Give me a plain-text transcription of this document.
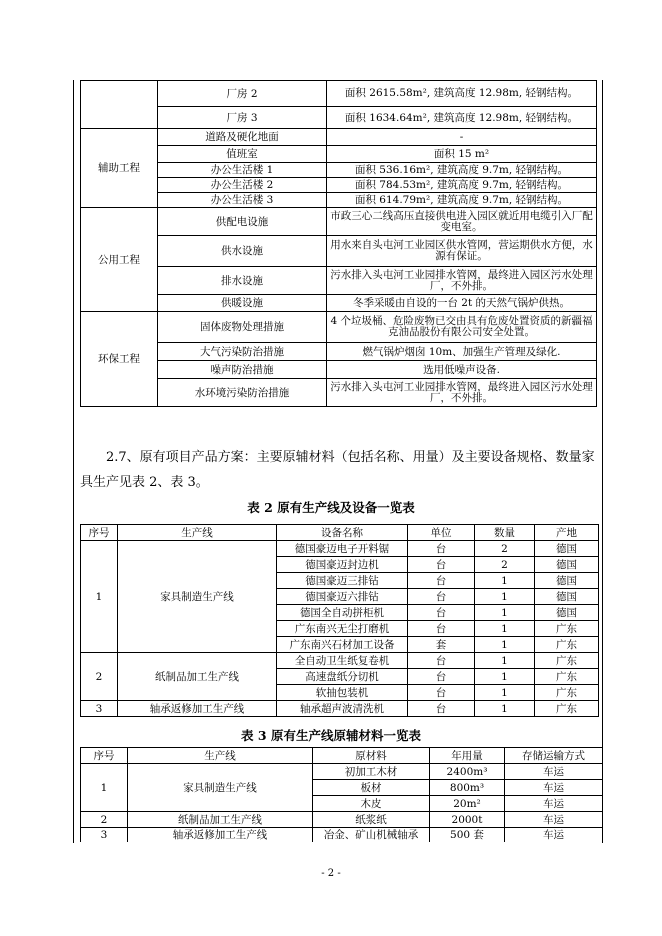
	厂房 2	面积 2615.58m², 建筑高度 12.98m, 轻钢结构。
	厂房 3	面积 1634.64m², 建筑高度 12.98m, 轻钢结构。
辅助工程	道路及硬化地面	-
	值班室	面积 15 m²
	办公生活楼 1	面积 536.16m², 建筑高度 9.7m, 轻钢结构。
	办公生活楼 2	面积 784.53m², 建筑高度 9.7m, 轻钢结构。
	办公生活楼 3	面积 614.79m², 建筑高度 9.7m, 轻钢结构。
公用工程	供配电设施	市政三心二线高压直接供电进入园区就近用电缆引入厂配变电室。
	供水设施	用水来自头屯河工业园区供水管网，营运期供水方便，水源有保证。
	排水设施	污水排入头屯河工业园排水管网，最终进入园区污水处理厂，不外排。
	供暖设施	冬季采暖由自设的一台 2t 的天然气锅炉供热。
环保工程	固体废物处理措施	4 个垃圾桶、危险废物已交由具有危废处置资质的新疆福克油品股份有限公司安全处置。
	大气污染防治措施	燃气锅炉烟囱 10m、加强生产管理及绿化.
	噪声防治措施	选用低噪声设备.
	水环境污染防治措施	污水排入头屯河工业园排水管网，最终进入园区污水处理厂，不外排。
2.7、原有项目产品方案：主要原辅材料（包括名称、用量）及主要设备规格、数量家具生产见表 2、表 3。
表 2 原有生产线及设备一览表
序号	生产线	设备名称	单位	数量	产地
1	家具制造生产线	德国豪迈电子开料锯	台	2	德国
		德国豪迈封边机	台	2	德国
		德国豪迈三排钻	台	1	德国
		德国豪迈六排钻	台	1	德国
		德国全自动拼柜机	台	1	德国
		广东南兴无尘打磨机	台	1	广东
		广东南兴石材加工设备	套	1	广东
2	纸制品加工生产线	全自动卫生纸复卷机	台	1	广东
		高速盘纸分切机	台	1	广东
		软抽包装机	台	1	广东
3	轴承返修加工生产线	轴承超声波清洗机	台	1	广东
表 3 原有生产线原辅材料一览表
序号	生产线	原材料	年用量	存储运输方式
1	家具制造生产线	初加工木材	2400m³	车运
		板材	800m³	车运
		木皮	20m²	车运
2	纸制品加工生产线	纸浆纸	2000t	车运
3	轴承返修加工生产线	冶金、矿山机械轴承	500 套	车运
- 2 -
